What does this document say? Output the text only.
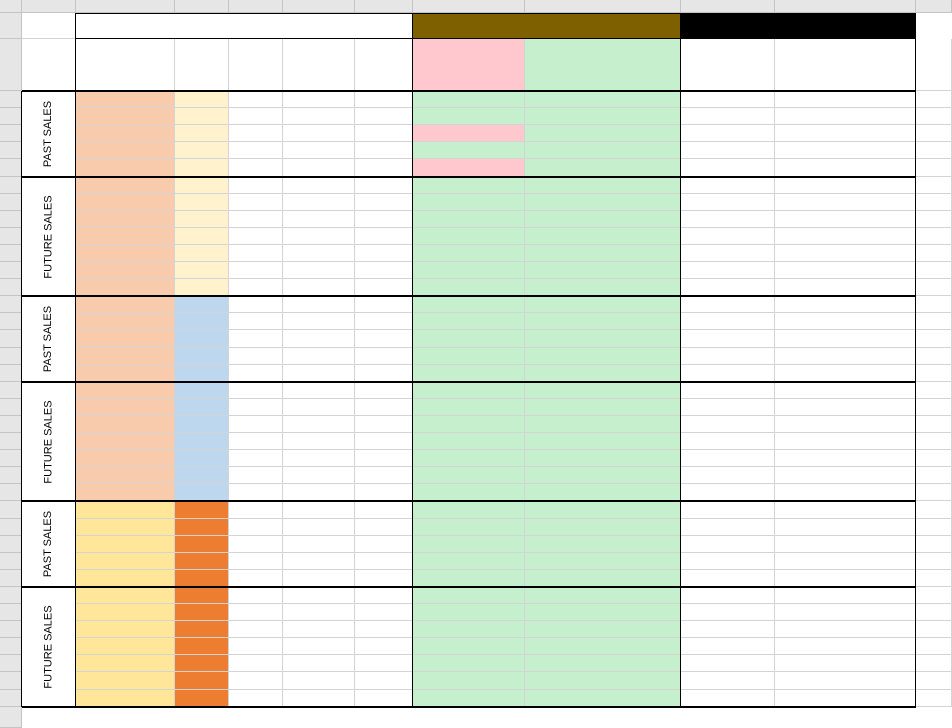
PAST SALES
FUTURE SALES
PAST SALES
FUTURE SALES
PAST SALES
FUTURE SALES
